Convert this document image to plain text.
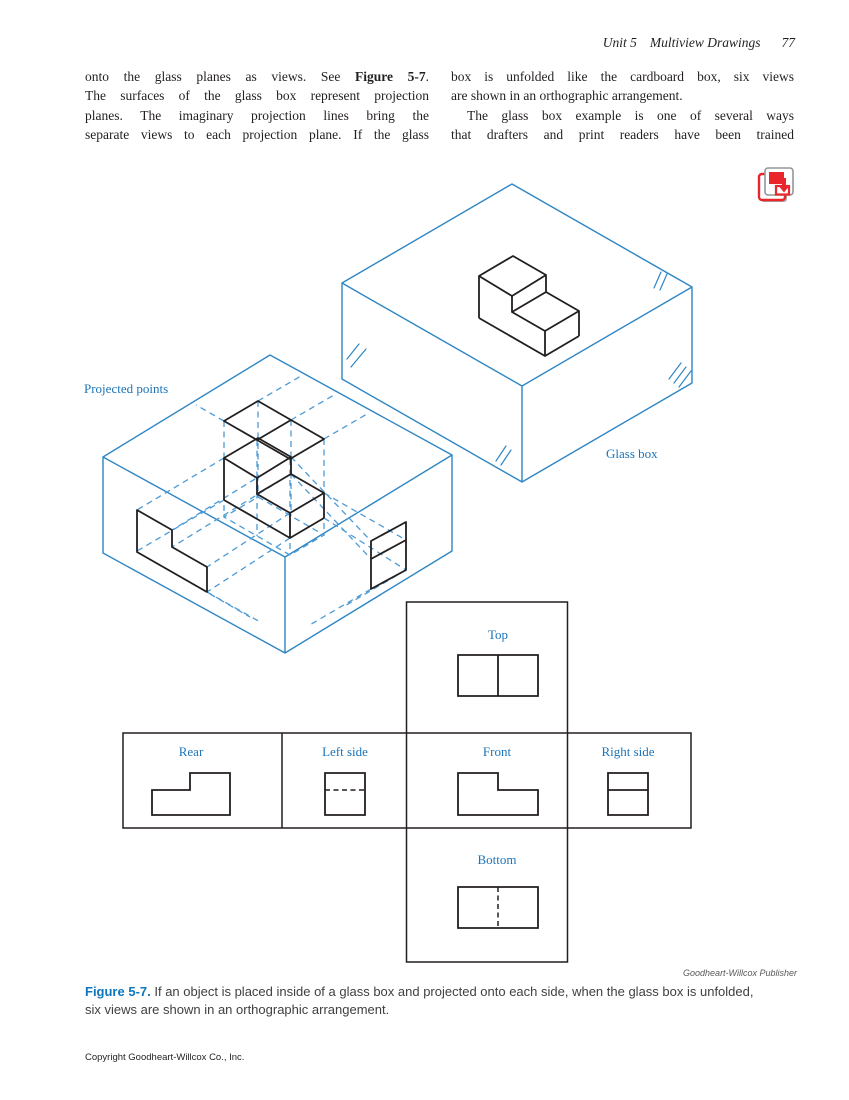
Unit 5 Multiview Drawings 77
onto the glass planes as views. See Figure 5-7.
The surfaces of the glass box represent projection
planes. The imaginary projection lines bring the
separate views to each projection plane. If the glass
box is unfolded like the cardboard box, six views
are shown in an orthographic arrangement.
The glass box example is one of several ways
that drafters and print readers have been trained
Projected points
Glass box
Top
Rear	Left side	Front	Right side
Bottom
Goodheart-Willcox Publisher
Figure 5-7. If an object is placed inside of a glass box and projected onto each side, when the glass box is unfolded,
six views are shown in an orthographic arrangement.
Copyright Goodheart-Willcox Co., Inc.
